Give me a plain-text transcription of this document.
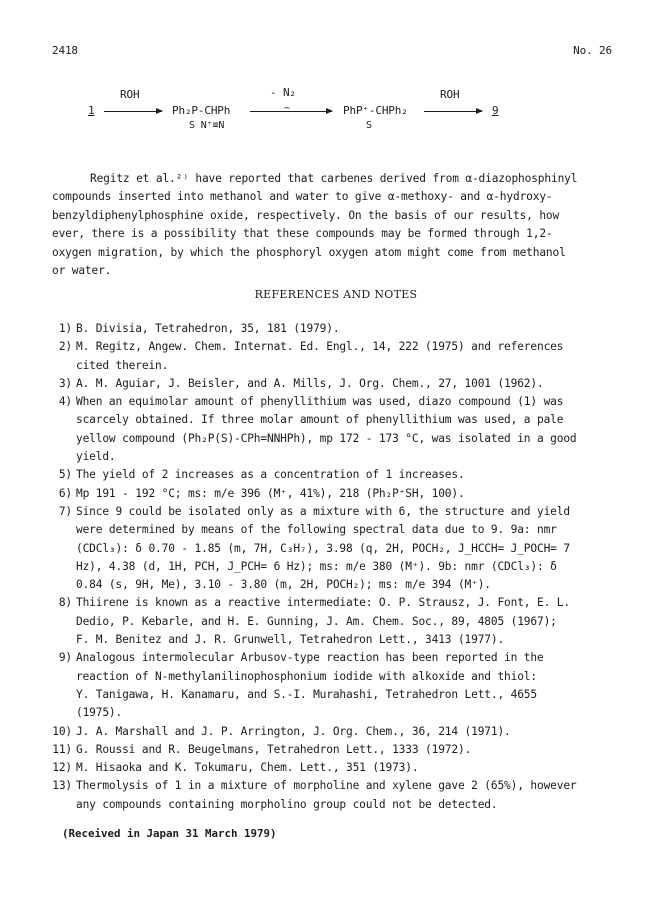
2418	No. 26
1
ROH
Ph₂P-CHPh
S N⁺≡N
- N₂
~	PhP⁺-CHPh₂
S
ROH
9
Regitz et al.²⁾ have reported that carbenes derived from α-diazophosphinyl
compounds inserted into methanol and water to give α-methoxy- and α-hydroxy-
benzyldiphenylphosphine oxide, respectively. On the basis of our results, how
ever, there is a possibility that these compounds may be formed through 1,2-
oxygen migration, by which the phosphoryl oxygen atom might come from methanol
or water.
REFERENCES AND NOTES
1) B. Divisia, Tetrahedron, 35, 181 (1979).
2) M. Regitz, Angew. Chem. Internat. Ed. Engl., 14, 222 (1975) and references
cited therein.
3) A. M. Aguiar, J. Beisler, and A. Mills, J. Org. Chem., 27, 1001 (1962).
4) When an equimolar amount of phenyllithium was used, diazo compound (1) was
scarcely obtained. If three molar amount of phenyllithium was used, a pale
yellow compound (Ph₂P(S)-CPh=NNHPh), mp 172 - 173 °C, was isolated in a good
yield.
5) The yield of 2 increases as a concentration of 1 increases.
6) Mp 191 - 192 °C; ms: m/e 396 (M⁺, 41%), 218 (Ph₂P⁺SH, 100).
7) Since 9 could be isolated only as a mixture with 6, the structure and yield
were determined by means of the following spectral data due to 9. 9a: nmr
(CDCl₃): δ 0.70 - 1.85 (m, 7H, C₃H₇), 3.98 (q, 2H, POCH₂, J_HCCH= J_POCH= 7
Hz), 4.38 (d, 1H, PCH, J_PCH= 6 Hz); ms: m/e 380 (M⁺). 9b: nmr (CDCl₃): δ
0.84 (s, 9H, Me), 3.10 - 3.80 (m, 2H, POCH₂); ms: m/e 394 (M⁺).
8) Thiirene is known as a reactive intermediate: O. P. Strausz, J. Font, E. L.
Dedio, P. Kebarle, and H. E. Gunning, J. Am. Chem. Soc., 89, 4805 (1967);
F. M. Benitez and J. R. Grunwell, Tetrahedron Lett., 3413 (1977).
9) Analogous intermolecular Arbusov-type reaction has been reported in the
reaction of N-methylanilinophosphonium iodide with alkoxide and thiol:
Y. Tanigawa, H. Kanamaru, and S.-I. Murahashi, Tetrahedron Lett., 4655
(1975).
10) J. A. Marshall and J. P. Arrington, J. Org. Chem., 36, 214 (1971).
11) G. Roussi and R. Beugelmans, Tetrahedron Lett., 1333 (1972).
12) M. Hisaoka and K. Tokumaru, Chem. Lett., 351 (1973).
13) Thermolysis of 1 in a mixture of morpholine and xylene gave 2 (65%), however
any compounds containing morpholino group could not be detected.
(Received in Japan 31 March 1979)
